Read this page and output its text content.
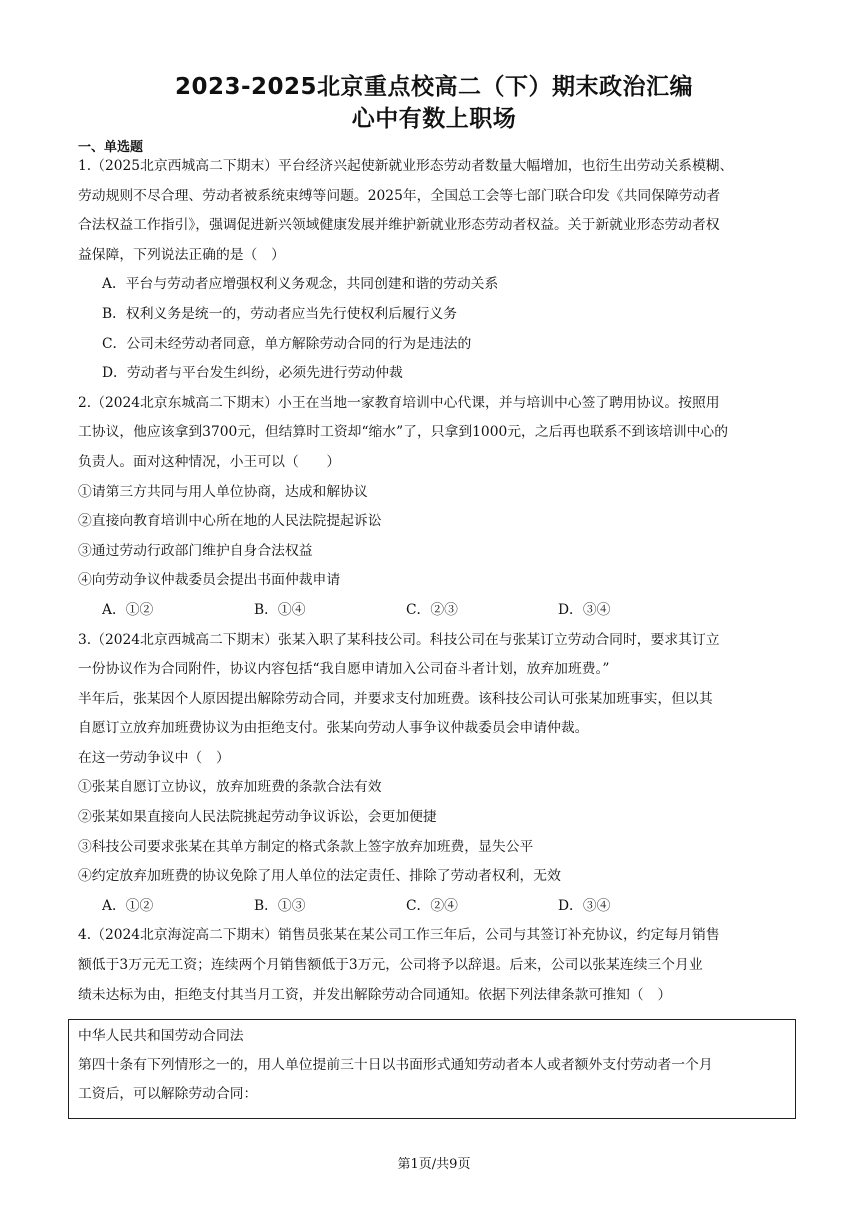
2023-2025北京重点校高二（下）期末政治汇编
心中有数上职场
一、单选题
1.（2025北京西城高二下期末）平台经济兴起使新就业形态劳动者数量大幅增加，也衍生出劳动关系模糊、
劳动规则不尽合理、劳动者被系统束缚等问题。2025年，全国总工会等七部门联合印发《共同保障劳动者
合法权益工作指引》，强调促进新兴领域健康发展并维护新就业形态劳动者权益。关于新就业形态劳动者权
益保障，下列说法正确的是（　）
A．平台与劳动者应增强权利义务观念，共同创建和谐的劳动关系
B．权利义务是统一的，劳动者应当先行使权利后履行义务
C．公司未经劳动者同意，单方解除劳动合同的行为是违法的
D．劳动者与平台发生纠纷，必须先进行劳动仲裁
2.（2024北京东城高二下期末）小王在当地一家教育培训中心代课，并与培训中心签了聘用协议。按照用
工协议，他应该拿到3700元，但结算时工资却“缩水”了，只拿到1000元，之后再也联系不到该培训中心的
负责人。面对这种情况，小王可以（　　）
①请第三方共同与用人单位协商，达成和解协议
②直接向教育培训中心所在地的人民法院提起诉讼
③通过劳动行政部门维护自身合法权益
④向劳动争议仲裁委员会提出书面仲裁申请
A．①②	B．①④	C．②③	D．③④
3.（2024北京西城高二下期末）张某入职了某科技公司。科技公司在与张某订立劳动合同时，要求其订立
一份协议作为合同附件，协议内容包括“我自愿申请加入公司奋斗者计划，放弃加班费。”
半年后，张某因个人原因提出解除劳动合同，并要求支付加班费。该科技公司认可张某加班事实，但以其
自愿订立放弃加班费协议为由拒绝支付。张某向劳动人事争议仲裁委员会申请仲裁。
在这一劳动争议中（　）
①张某自愿订立协议，放弃加班费的条款合法有效
②张某如果直接向人民法院挑起劳动争议诉讼，会更加便捷
③科技公司要求张某在其单方制定的格式条款上签字放弃加班费，显失公平
④约定放弃加班费的协议免除了用人单位的法定责任、排除了劳动者权利，无效
A．①②	B．①③	C．②④	D．③④
4.（2024北京海淀高二下期末）销售员张某在某公司工作三年后，公司与其签订补充协议，约定每月销售
额低于3万元无工资；连续两个月销售额低于3万元，公司将予以辞退。后来，公司以张某连续三个月业
绩未达标为由，拒绝支付其当月工资，并发出解除劳动合同通知。依据下列法律条款可推知（　）
中华人民共和国劳动合同法
第四十条有下列情形之一的，用人单位提前三十日以书面形式通知劳动者本人或者额外支付劳动者一个月
工资后，可以解除劳动合同：
第1页/共9页
